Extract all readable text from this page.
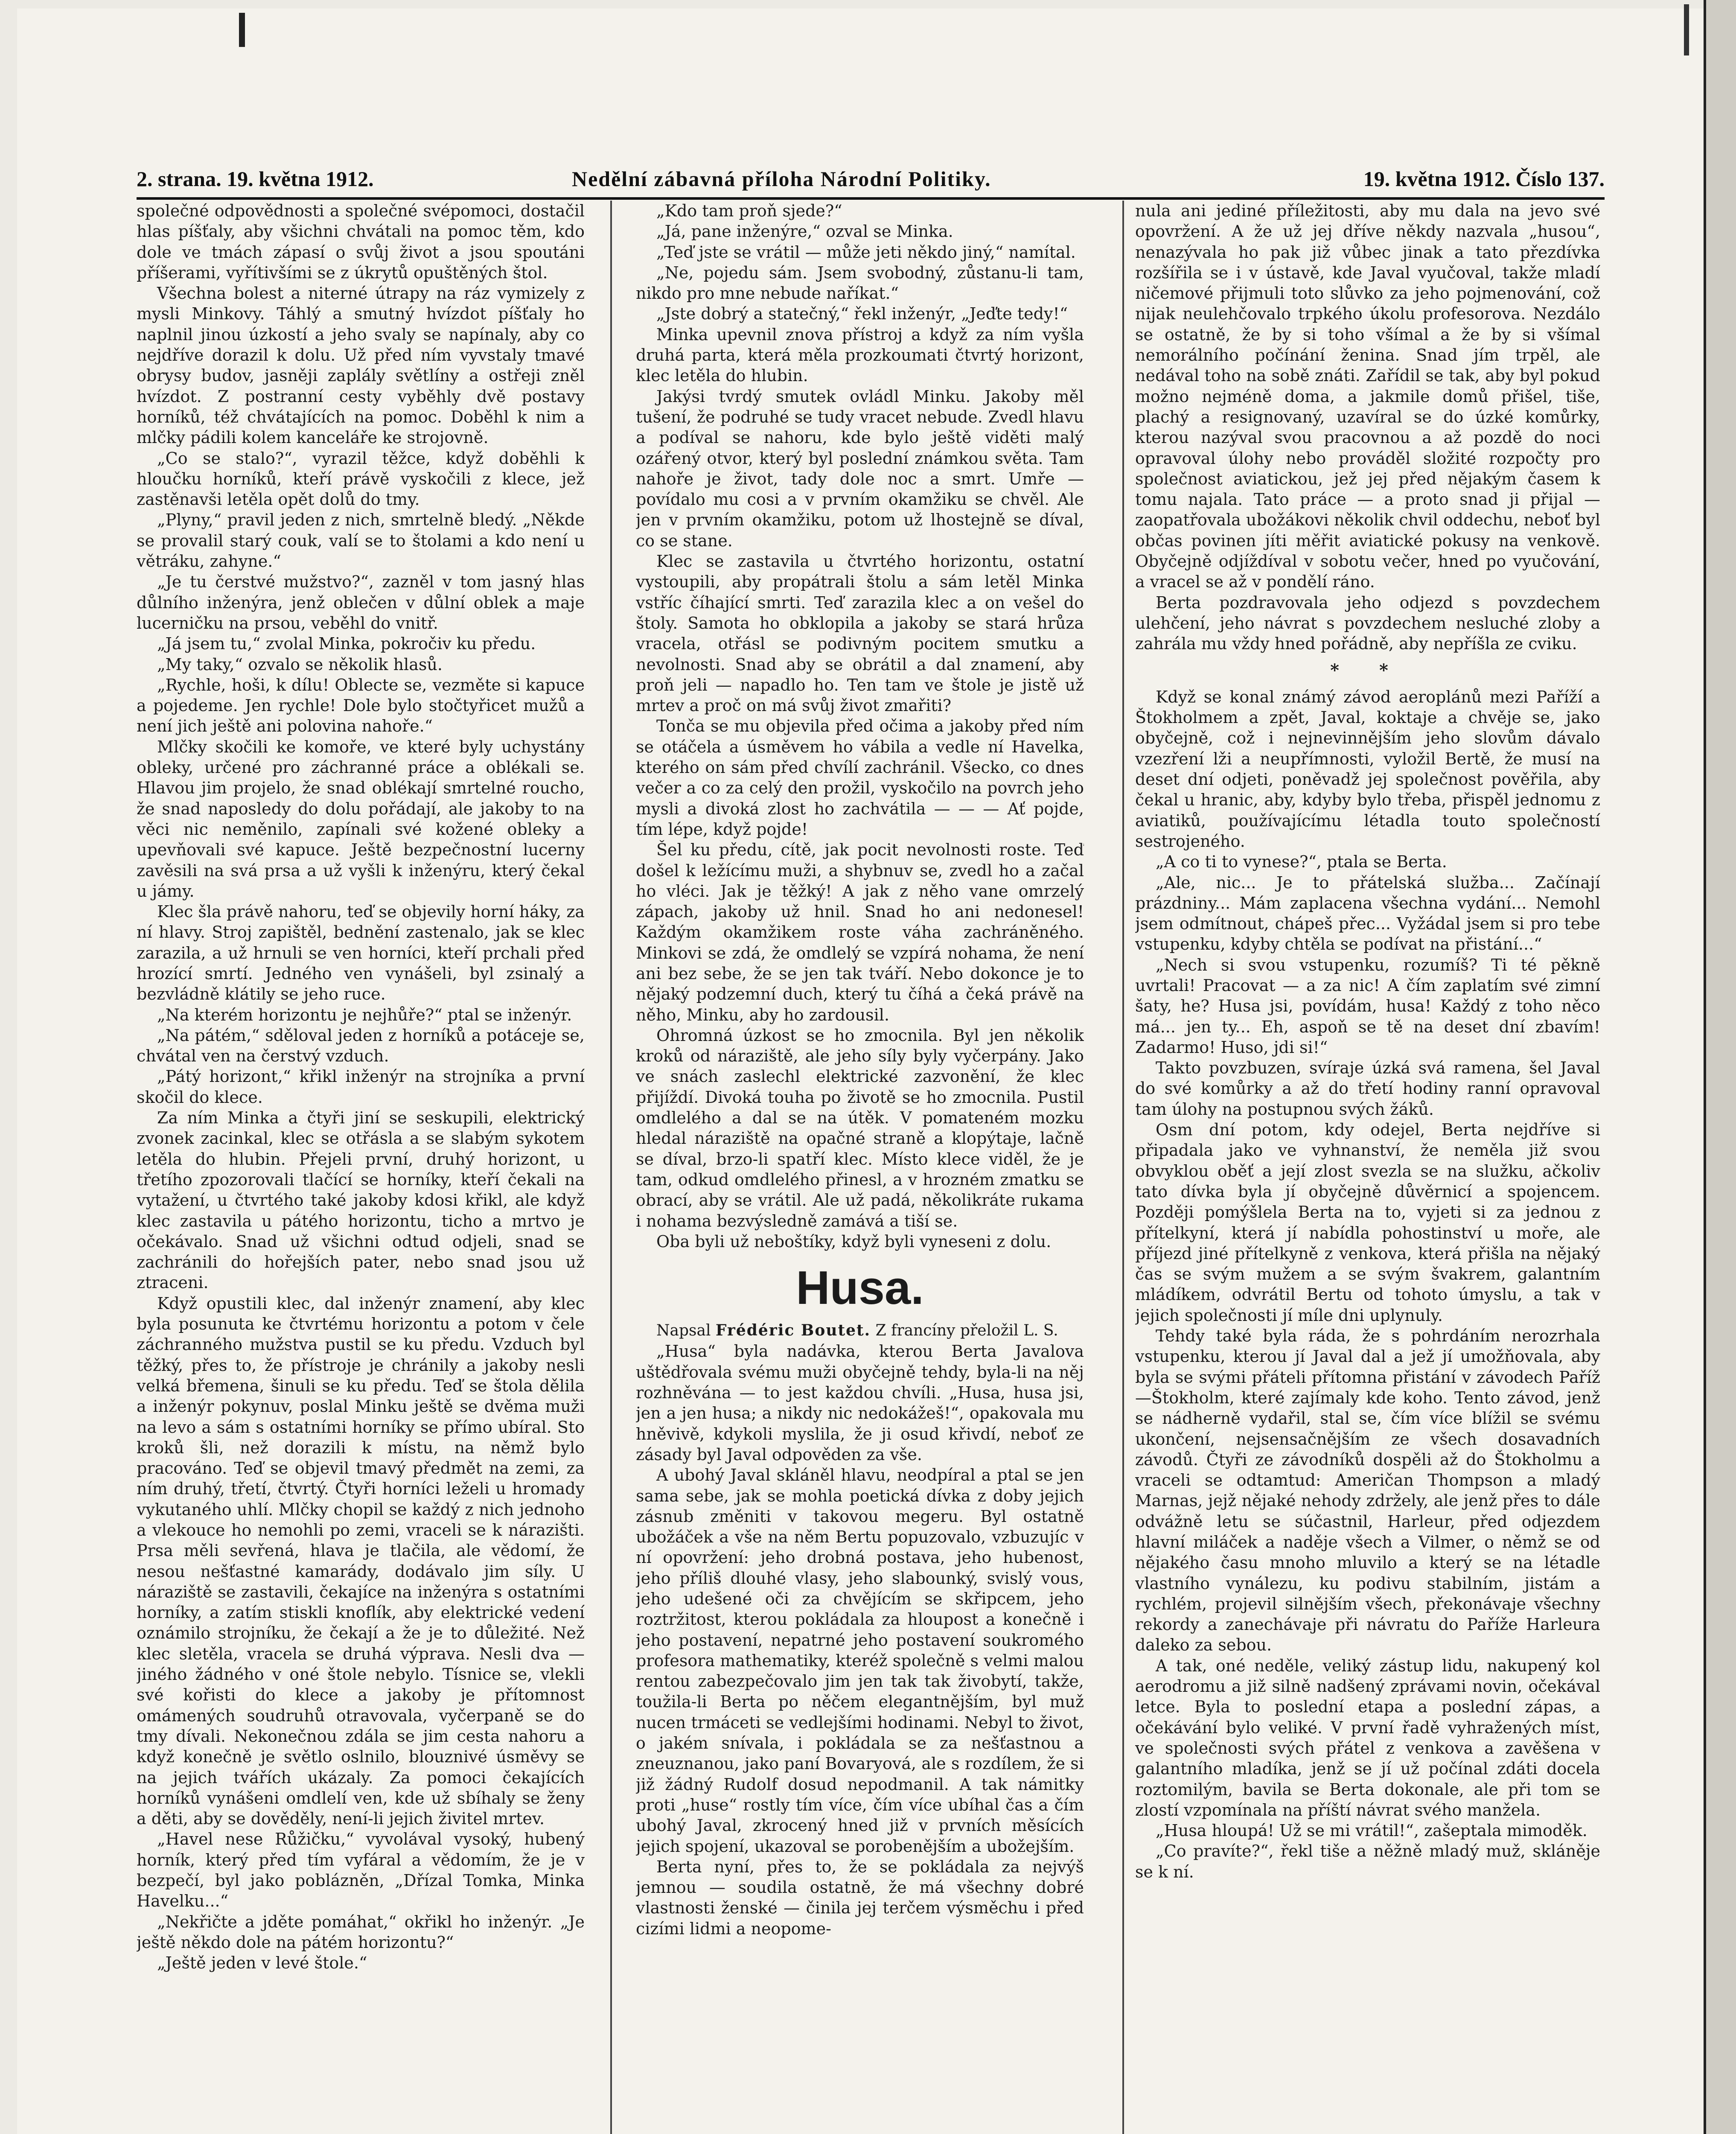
2. strana. 19. května 1912.	Nedělní zábavná příloha Národní Politiky.	19. května 1912. Číslo 137.

společné odpovědnosti a společné svépomoci, dostačil hlas píšťaly, aby všichni chvátali na pomoc těm, kdo dole ve tmách zápasí o svůj život a jsou spoutáni příšerami, vyřítivšími se z úkrytů opuštěných štol.

Všechna bolest a niterné útrapy na ráz vymizely z mysli Minkovy. Táhlý a smutný hvízdot píšťaly ho naplnil jinou úzkostí a jeho svaly se napínaly, aby co nejdříve dorazil k dolu. Už před ním vyvstaly tmavé obrysy budov, jasněji zaplály světlíny a ostřeji zněl hvízdot. Z postranní cesty vyběhly dvě postavy horníků, též chvátajících na pomoc. Doběhl k nim a mlčky pádili kolem kanceláře ke strojovně.

„Co se stalo?“, vyrazil těžce, když doběhli k hloučku horníků, kteří právě vyskočili z klece, jež zastěnavši letěla opět dolů do tmy.

„Plyny,“ pravil jeden z nich, smrtelně bledý. „Někde se provalil starý couk, valí se to štolami a kdo není u větráku, zahyne.“

„Je tu čerstvé mužstvo?“, zazněl v tom jasný hlas důlního inženýra, jenž oblečen v důlní oblek a maje lucerničku na prsou, veběhl do vnitř.

„Já jsem tu,“ zvolal Minka, pokročiv ku předu.

„My taky,“ ozvalo se několik hlasů.

„Rychle, hoši, k dílu! Oblecte se, vezměte si kapuce a pojedeme. Jen rychle! Dole bylo stočtyřicet mužů a není jich ještě ani polovina nahoře.“

Mlčky skočili ke komoře, ve které byly uchystány obleky, určené pro záchranné práce a oblékali se. Hlavou jim projelo, že snad oblékají smrtelné roucho, že snad naposledy do dolu pořádají, ale jakoby to na věci nic neměnilo, zapínali své kožené obleky a upevňovali své kapuce. Ještě bezpečnostní lucerny zavěsili na svá prsa a už vyšli k inženýru, který čekal u jámy.

Klec šla právě nahoru, teď se objevily horní háky, za ní hlavy. Stroj zapištěl, bednění zastenalo, jak se klec zarazila, a už hrnuli se ven horníci, kteří prchali před hrozící smrtí. Jedného ven vynášeli, byl zsinalý a bezvládně klátily se jeho ruce.

„Na kterém horizontu je nejhůře?“ ptal se inženýr.

„Na pátém,“ sděloval jeden z horníků a potáceje se, chvátal ven na čerstvý vzduch.

„Pátý horizont,“ křikl inženýr na strojníka a první skočil do klece.

Za ním Minka a čtyři jiní se seskupili, elektrický zvonek zacinkal, klec se otřásla a se slabým sykotem letěla do hlubin. Přejeli první, druhý horizont, u třetího zpozorovali tlačící se horníky, kteří čekali na vytažení, u čtvrtého také jakoby kdosi křikl, ale když klec zastavila u pátého horizontu, ticho a mrtvo je očekávalo. Snad už všichni odtud odjeli, snad se zachránili do hořejších pater, nebo snad jsou už ztraceni.

Když opustili klec, dal inženýr znamení, aby klec byla posunuta ke čtvrtému horizontu a potom v čele záchranného mužstva pustil se ku předu. Vzduch byl těžký, přes to, že přístroje je chránily a jakoby nesli velká břemena, šinuli se ku předu. Teď se štola dělila a inženýr pokynuv, poslal Minku ještě se dvěma muži na levo a sám s ostatními horníky se přímo ubíral. Sto kroků šli, než dorazili k místu, na němž bylo pracováno. Teď se objevil tmavý předmět na zemi, za ním druhý, třetí, čtvrtý. Čtyři horníci leželi u hromady vykutaného uhlí. Mlčky chopil se každý z nich jednoho a vlekouce ho nemohli po zemi, vraceli se k nárazišti. Prsa měli sevřená, hlava je tlačila, ale vědomí, že nesou nešťastné kamarády, dodávalo jim síly. U náraziště se zastavili, čekajíce na inženýra s ostatními horníky, a zatím stiskli knoflík, aby elektrické vedení oznámilo strojníku, že čekají a že je to důležité. Než klec sletěla, vracela se druhá výprava. Nesli dva — jiného žádného v oné štole nebylo. Tísnice se, vlekli své kořisti do klece a jakoby je přítomnost omámených soudruhů otravovala, vyčerpaně se do tmy dívali. Nekonečnou zdála se jim cesta nahoru a když konečně je světlo oslnilo, blouznivé úsměvy se na jejich tvářích ukázaly. Za pomoci čekajících horníků vynášeni omdlelí ven, kde už sbíhaly se ženy a děti, aby se dověděly, není-li jejich živitel mrtev.

„Havel nese Růžičku,“ vyvolával vysoký, hubený horník, který před tím vyfáral a vědomím, že je v bezpečí, byl jako poblázněn, „Dřízal Tomka, Minka Havelku...“

„Nekřičte a jděte pomáhat,“ okřikl ho inženýr. „Je ještě někdo dole na pátém horizontu?“

„Ještě jeden v levé štole.“

„Kdo tam proň sjede?“

„Já, pane inženýre,“ ozval se Minka.

„Teď jste se vrátil — může jeti někdo jiný,“ namítal.

„Ne, pojedu sám. Jsem svobodný, zůstanu-li tam, nikdo pro mne nebude naříkat.“

„Jste dobrý a statečný,“ řekl inženýr, „Jeďte tedy!“

Minka upevnil znova přístroj a když za ním vyšla druhá parta, která měla prozkoumati čtvrtý horizont, klec letěla do hlubin.

Jakýsi tvrdý smutek ovládl Minku. Jakoby měl tušení, že podruhé se tudy vracet nebude. Zvedl hlavu a podíval se nahoru, kde bylo ještě viděti malý ozářený otvor, který byl poslední známkou světa. Tam nahoře je život, tady dole noc a smrt. Umře — povídalo mu cosi a v prvním okamžiku se chvěl. Ale jen v prvním okamžiku, potom už lhostejně se díval, co se stane.

Klec se zastavila u čtvrtého horizontu, ostatní vystoupili, aby propátrali štolu a sám letěl Minka vstříc číhající smrti. Teď zarazila klec a on vešel do štoly. Samota ho obklopila a jakoby se stará hrůza vracela, otřásl se podivným pocitem smutku a nevolnosti. Snad aby se obrátil a dal znamení, aby proň jeli — napadlo ho. Ten tam ve štole je jistě už mrtev a proč on má svůj život zmařiti?

Tonča se mu objevila před očima a jakoby před ním se otáčela a úsměvem ho vábila a vedle ní Havelka, kterého on sám před chvílí zachránil. Všecko, co dnes večer a co za celý den prožil, vyskočilo na povrch jeho mysli a divoká zlost ho zachvátila — — — Ať pojde, tím lépe, když pojde!

Šel ku předu, cítě, jak pocit nevolnosti roste. Teď došel k ležícímu muži, a shybnuv se, zvedl ho a začal ho vléci. Jak je těžký! A jak z něho vane omrzelý zápach, jakoby už hnil. Snad ho ani nedonesel! Každým okamžikem roste váha zachráněného. Minkovi se zdá, že omdlelý se vzpírá nohama, že není ani bez sebe, že se jen tak tváří. Nebo dokonce je to nějaký podzemní duch, který tu číhá a čeká právě na něho, Minku, aby ho zardousil.

Ohromná úzkost se ho zmocnila. Byl jen několik kroků od náraziště, ale jeho síly byly vyčerpány. Jako ve snách zaslechl elektrické zazvonění, že klec přijíždí. Divoká touha po životě se ho zmocnila. Pustil omdlelého a dal se na útěk. V pomateném mozku hledal náraziště na opačné straně a klopýtaje, lačně se díval, brzo-li spatří klec. Místo klece viděl, že je tam, odkud omdlelého přinesl, a v hrozném zmatku se obrací, aby se vrátil. Ale už padá, několikráte rukama i nohama bezvýsledně zamává a tiší se.

Oba byli už neboštíky, když byli vyneseni z dolu.

Husa.

Napsal Frédéric Boutet. Z francíny přeložil L. S.

„Husa“ byla nadávka, kterou Berta Javalova uštědřovala svému muži obyčejně tehdy, byla-li na něj rozhněvána — to jest každou chvíli. „Husa, husa jsi, jen a jen husa; a nikdy nic nedokážeš!“, opakovala mu hněvivě, kdykoli myslila, že ji osud křivdí, neboť ze zásady byl Javal odpověden za vše.

A ubohý Javal skláněl hlavu, neodpíral a ptal se jen sama sebe, jak se mohla poetická dívka z doby jejich zásnub změniti v takovou megeru. Byl ostatně ubožáček a vše na něm Bertu popuzovalo, vzbuzujíc v ní opovržení: jeho drobná postava, jeho hubenost, jeho příliš dlouhé vlasy, jeho slabounký, svislý vous, jeho udešené oči za chvějícím se skřipcem, jeho roztržitost, kterou pokládala za hloupost a konečně i jeho postavení, nepatrné jeho postavení soukromého profesora mathematiky, kteréž společně s velmi malou rentou zabezpečovalo jim jen tak tak živobytí, takže, toužila-li Berta po něčem elegantnějším, byl muž nucen trmáceti se vedlejšími hodinami. Nebyl to život, o jakém snívala, i pokládala se za nešťastnou a zneuznanou, jako paní Bovaryová, ale s rozdílem, že si již žádný Rudolf dosud nepodmanil. A tak námitky proti „huse“ rostly tím více, čím více ubíhal čas a čím ubohý Javal, zkrocený hned již v prvních měsících jejich spojení, ukazoval se porobenějším a ubožejším.

Berta nyní, přes to, že se pokládala za nejvýš jemnou — soudila ostatně, že má všechny dobré vlastnosti ženské — činila jej terčem výsměchu i před cizími lidmi a neopome-

nula ani jediné příležitosti, aby mu dala na jevo své opovržení. A že už jej dříve někdy nazvala „husou“, nenazývala ho pak již vůbec jinak a tato přezdívka rozšířila se i v ústavě, kde Javal vyučoval, takže mladí ničemové přijmuli toto slůvko za jeho pojmenování, což nijak neulehčovalo trpkého úkolu profesorova. Nezdálo se ostatně, že by si toho všímal a že by si všímal nemorálního počínání ženina. Snad jím trpěl, ale nedával toho na sobě znáti. Zařídil se tak, aby byl pokud možno nejméně doma, a jakmile domů přišel, tiše, plachý a resignovaný, uzavíral se do úzké komůrky, kterou nazýval svou pracovnou a až pozdě do noci opravoval úlohy nebo prováděl složité rozpočty pro společnost aviatickou, jež jej před nějakým časem k tomu najala. Tato práce — a proto snad ji přijal — zaopatřovala ubožákovi několik chvil oddechu, neboť byl občas povinen jíti měřit aviatické pokusy na venkově. Obyčejně odjíždíval v sobotu večer, hned po vyučování, a vracel se až v pondělí ráno.

Berta pozdravovala jeho odjezd s povzdechem ulehčení, jeho návrat s povzdechem nesluché zloby a zahrála mu vždy hned pořádně, aby nepříšla ze cviku.

* *

Když se konal známý závod aeroplánů mezi Paříží a Štokholmem a zpět, Javal, koktaje a chvěje se, jako obyčejně, což i nejnevinnějším jeho slovům dávalo vzezření lži a neupřímnosti, vyložil Bertě, že musí na deset dní odjeti, poněvadž jej společnost pověřila, aby čekal u hranic, aby, kdyby bylo třeba, přispěl jednomu z aviatiků, používajícímu létadla touto společností sestrojeného.

„A co ti to vynese?“, ptala se Berta.

„Ale, nic... Je to přátelská služba... Začínají prázdniny... Mám zaplacena všechna vydání... Nemohl jsem odmítnout, chápeš přec... Vyžádal jsem si pro tebe vstupenku, kdyby chtěla se podívat na přistání...“

„Nech si svou vstupenku, rozumíš? Ti té pěkně uvrtali! Pracovat — a za nic! A čím zaplatím své zimní šaty, he? Husa jsi, povídám, husa! Každý z toho něco má... jen ty... Eh, aspoň se tě na deset dní zbavím! Zadarmo! Huso, jdi si!“

Takto povzbuzen, svíraje úzká svá ramena, šel Javal do své komůrky a až do třetí hodiny ranní opravoval tam úlohy na postupnou svých žáků.

Osm dní potom, kdy odejel, Berta nejdříve si připadala jako ve vyhnanství, že neměla již svou obvyklou oběť a její zlost svezla se na služku, ačkoliv tato dívka byla jí obyčejně důvěrnicí a spojencem. Později pomýšlela Berta na to, vyjeti si za jednou z přítelkyní, která jí nabídla pohostinství u moře, ale příjezd jiné přítelkyně z venkova, která přišla na nějaký čas se svým mužem a se svým švakrem, galantním mládíkem, odvrátil Bertu od tohoto úmyslu, a tak v jejich společnosti jí míle dni uplynuly.

Tehdy také byla ráda, že s pohrdáním nerozrhala vstupenku, kterou jí Javal dal a jež jí umožňovala, aby byla se svými přáteli přítomna přistání v závodech Paříž—Štokholm, které zajímaly kde koho. Tento závod, jenž se nádherně vydařil, stal se, čím více blížil se svému ukončení, nejsensačnějším ze všech dosavadních závodů. Čtyři ze závodníků dospěli až do Štokholmu a vraceli se odtamtud: Američan Thompson a mladý Marnas, jejž nějaké nehody zdržely, ale jenž přes to dále odvážně letu se súčastnil, Harleur, před odjezdem hlavní miláček a naděje všech a Vilmer, o němž se od nějakého času mnoho mluvilo a který se na létadle vlastního vynálezu, ku podivu stabilním, jistám a rychlém, projevil silnějším všech, překonávaje všechny rekordy a zanechávaje při návratu do Paříže Harleura daleko za sebou.

A tak, oné neděle, veliký zástup lidu, nakupený kol aerodromu a již silně nadšený zprávami novin, očekával letce. Byla to poslední etapa a poslední zápas, a očekávání bylo veliké. V první řadě vyhražených míst, ve společnosti svých přátel z venkova a zavěšena v galantního mladíka, jenž se jí už počínal zdáti docela roztomilým, bavila se Berta dokonale, ale při tom se zlostí vzpomínala na příští návrat svého manžela.

„Husa hloupá! Už se mi vrátil!“, zašeptala mimoděk.

„Co pravíte?“, řekl tiše a něžně mladý muž, skláněje se k ní.
